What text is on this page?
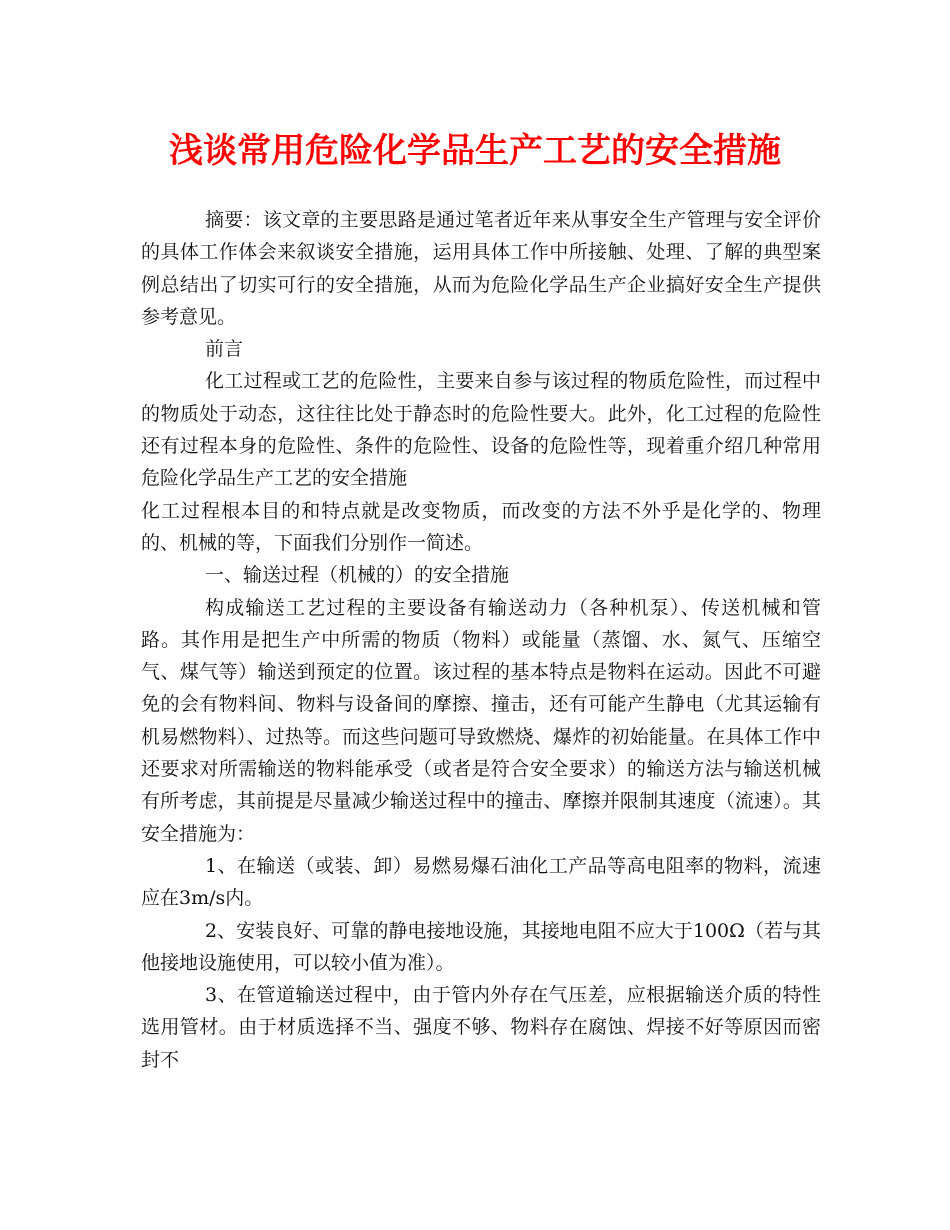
浅谈常用危险化学品生产工艺的安全措施

摘要：该文章的主要思路是通过笔者近年来从事安全生产管理与安全评价的具体工作体会来叙谈安全措施，运用具体工作中所接触、处理、了解的典型案例总结出了切实可行的安全措施，从而为危险化学品生产企业搞好安全生产提供参考意见。

前言

化工过程或工艺的危险性，主要来自参与该过程的物质危险性，而过程中的物质处于动态，这往往比处于静态时的危险性要大。此外，化工过程的危险性还有过程本身的危险性、条件的危险性、设备的危险性等，现着重介绍几种常用危险化学品生产工艺的安全措施

化工过程根本目的和特点就是改变物质，而改变的方法不外乎是化学的、物理的、机械的等，下面我们分别作一简述。

一、输送过程（机械的）的安全措施

构成输送工艺过程的主要设备有输送动力（各种机泵）、传送机械和管路。其作用是把生产中所需的物质（物料）或能量（蒸馏、水、氮气、压缩空气、煤气等）输送到预定的位置。该过程的基本特点是物料在运动。因此不可避免的会有物料间、物料与设备间的摩擦、撞击，还有可能产生静电（尤其运输有机易燃物料）、过热等。而这些问题可导致燃烧、爆炸的初始能量。在具体工作中还要求对所需输送的物料能承受（或者是符合安全要求）的输送方法与输送机械有所考虑，其前提是尽量减少输送过程中的撞击、摩擦并限制其速度（流速）。其安全措施为：

1、在输送（或装、卸）易燃易爆石油化工产品等高电阻率的物料，流速应在3m/s内。

2、安装良好、可靠的静电接地设施，其接地电阻不应大于100Ω（若与其他接地设施使用，可以较小值为准）。

3、在管道输送过程中，由于管内外存在气压差，应根据输送介质的特性选用管材。由于材质选择不当、强度不够、物料存在腐蚀、焊接不好等原因而密封不
